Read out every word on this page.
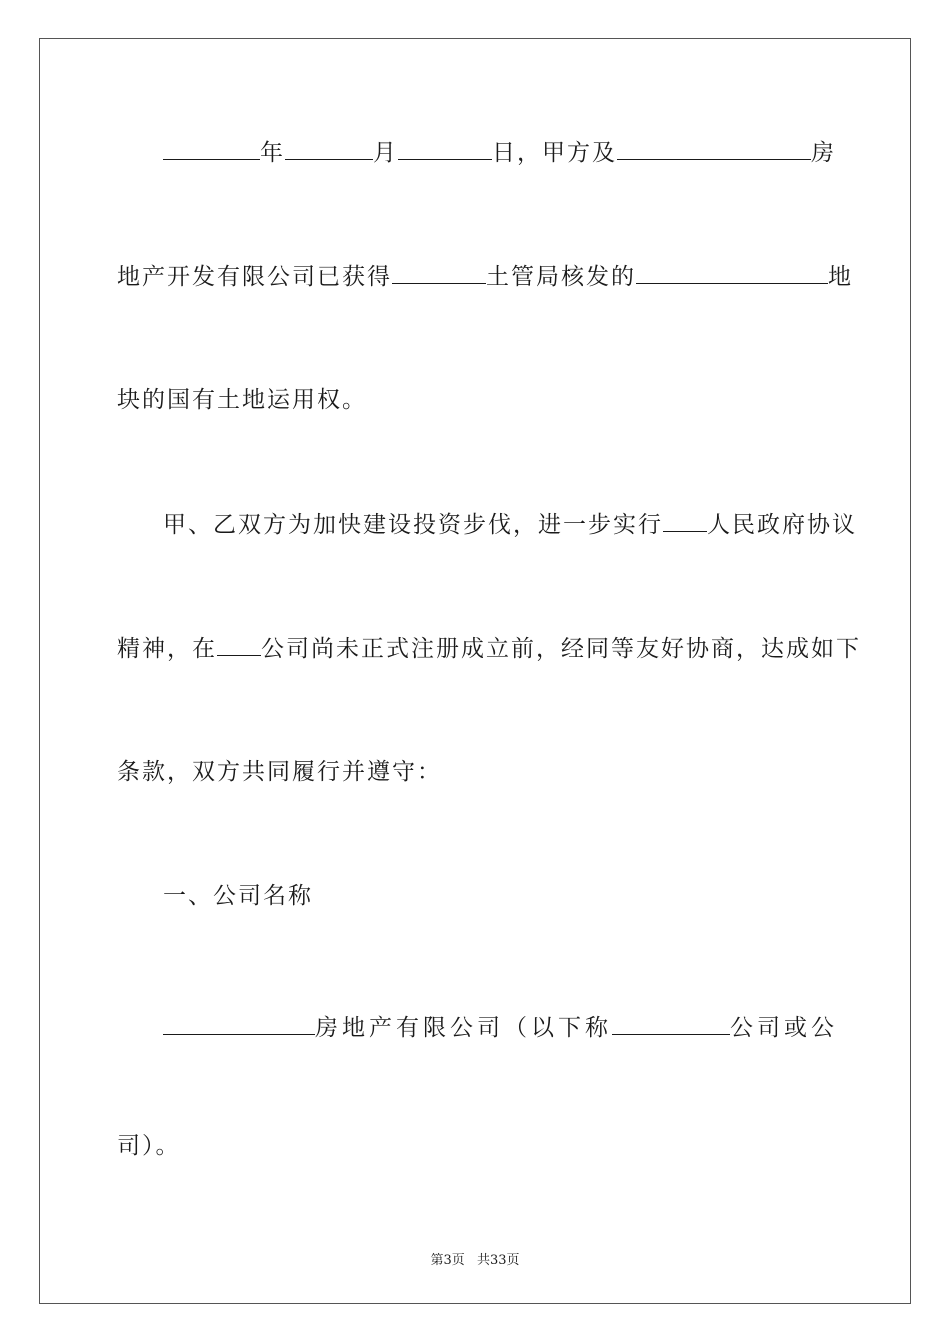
年	月	日，甲方及	房
地产开发有限公司已获得	土管局核发的	地
块的国有土地运用权。
甲、乙双方为加快建设投资步伐，进一步实行 人民政府协议
精神，在 公司尚未正式注册成立前，经同等友好协商，达成如下
条款，双方共同履行并遵守：
一、公司名称
房地产有限公司（以下称	公司或公
司）。
第3页 共33页
